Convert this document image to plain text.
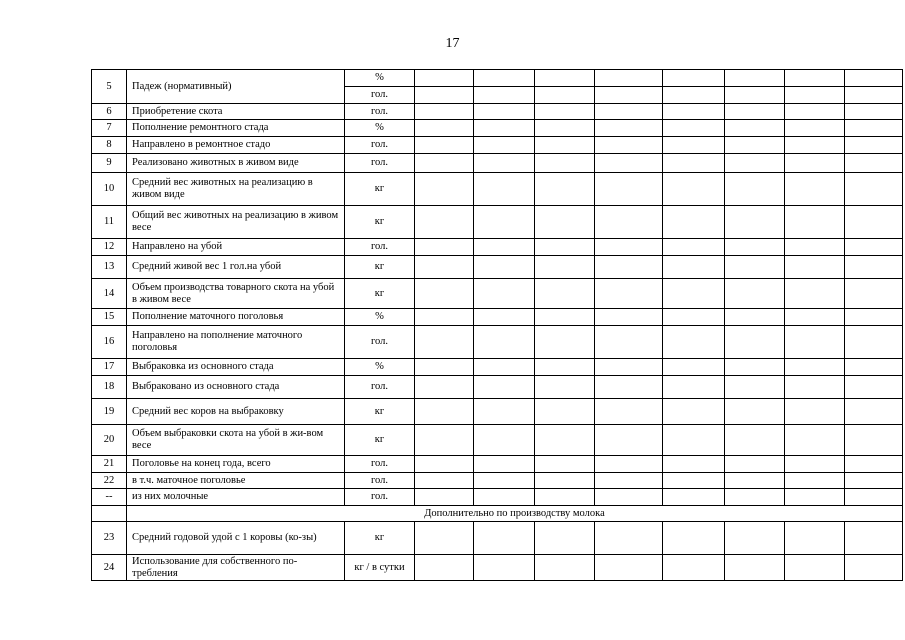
17
5	Падеж (нормативный)	%								
		гол.								
6	Приобретение скота	гол.								
7	Пополнение ремонтного стада	%								
8	Направлено в ремонтное стадо	гол.								
9	Реализовано животных в живом виде	гол.								
10	Средний вес животных на реализацию в живом виде	кг								
11	Общий вес животных на реализацию в живом весе	кг								
12	Направлено на убой	гол.								
13	Средний живой вес 1 гол.на убой	кг								
14	Объем производства товарного скота на убой в живом весе	кг								
15	Пополнение маточного поголовья	%								
16	Направлено на пополнение маточного поголовья	гол.								
17	Выбраковка из основного стада	%								
18	Выбраковано из основного стада	гол.								
19	Средний вес коров на выбраковку	кг								
20	Объем выбраковки скота на убой в жи-вом весе	кг								
21	Поголовье на конец года, всего	гол.								
22	в т.ч. маточное поголовье	гол.								
--	из них молочные	гол.								
	Дополнительно по производству молока									
23	Средний годовой удой с 1 коровы (ко-зы)	кг								
24	Использование для собственного по-требления	кг / в сутки								
